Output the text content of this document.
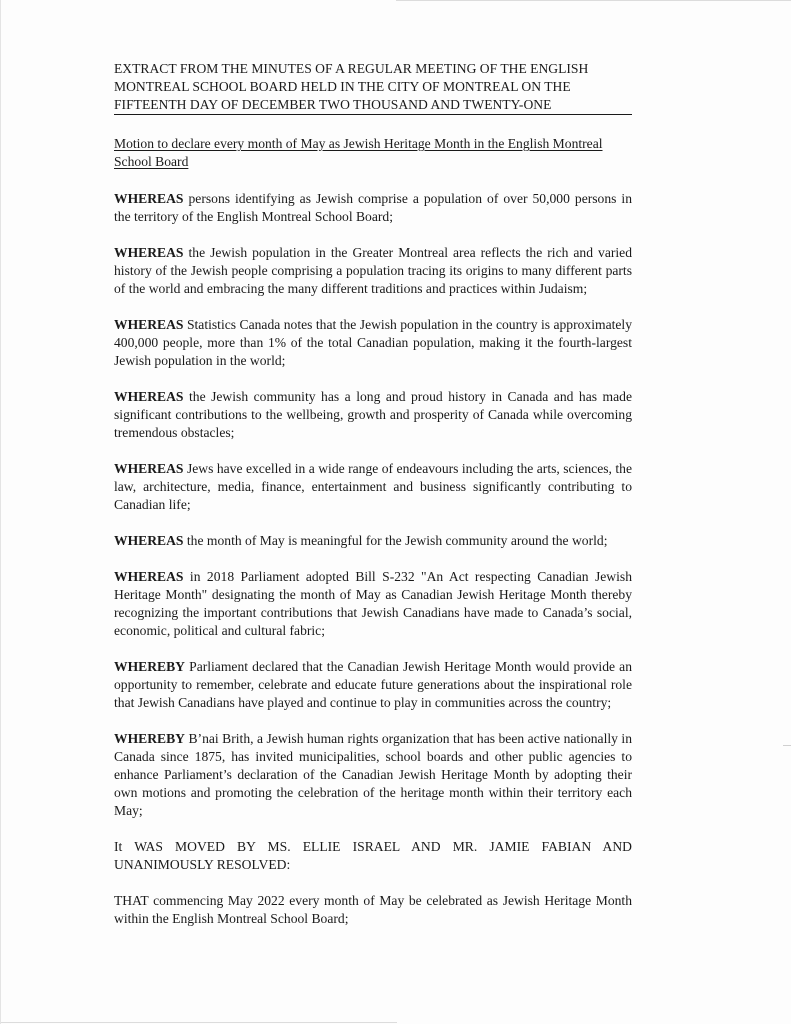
EXTRACT FROM THE MINUTES OF A REGULAR MEETING OF THE ENGLISH
MONTREAL SCHOOL BOARD HELD IN THE CITY OF MONTREAL ON THE
FIFTEENTH DAY OF DECEMBER TWO THOUSAND AND TWENTY-ONE

Motion to declare every month of May as Jewish Heritage Month in the English Montreal School Board

WHEREAS persons identifying as Jewish comprise a population of over 50,000 persons in the territory of the English Montreal School Board;

WHEREAS the Jewish population in the Greater Montreal area reflects the rich and varied history of the Jewish people comprising a population tracing its origins to many different parts of the world and embracing the many different traditions and practices within Judaism;

WHEREAS Statistics Canada notes that the Jewish population in the country is approximately 400,000 people, more than 1% of the total Canadian population, making it the fourth-largest Jewish population in the world;

WHEREAS the Jewish community has a long and proud history in Canada and has made significant contributions to the wellbeing, growth and prosperity of Canada while overcoming tremendous obstacles;

WHEREAS Jews have excelled in a wide range of endeavours including the arts, sciences, the law, architecture, media, finance, entertainment and business significantly contributing to Canadian life;

WHEREAS the month of May is meaningful for the Jewish community around the world;

WHEREAS in 2018 Parliament adopted Bill S-232 "An Act respecting Canadian Jewish Heritage Month" designating the month of May as Canadian Jewish Heritage Month thereby recognizing the important contributions that Jewish Canadians have made to Canada’s social, economic, political and cultural fabric;

WHEREBY Parliament declared that the Canadian Jewish Heritage Month would provide an opportunity to remember, celebrate and educate future generations about the inspirational role that Jewish Canadians have played and continue to play in communities across the country;

WHEREBY B’nai Brith, a Jewish human rights organization that has been active nationally in Canada since 1875, has invited municipalities, school boards and other public agencies to enhance Parliament’s declaration of the Canadian Jewish Heritage Month by adopting their own motions and promoting the celebration of the heritage month within their territory each May;

It WAS MOVED BY MS. ELLIE ISRAEL AND MR. JAMIE FABIAN AND UNANIMOUSLY RESOLVED:

THAT commencing May 2022 every month of May be celebrated as Jewish Heritage Month within the English Montreal School Board;
